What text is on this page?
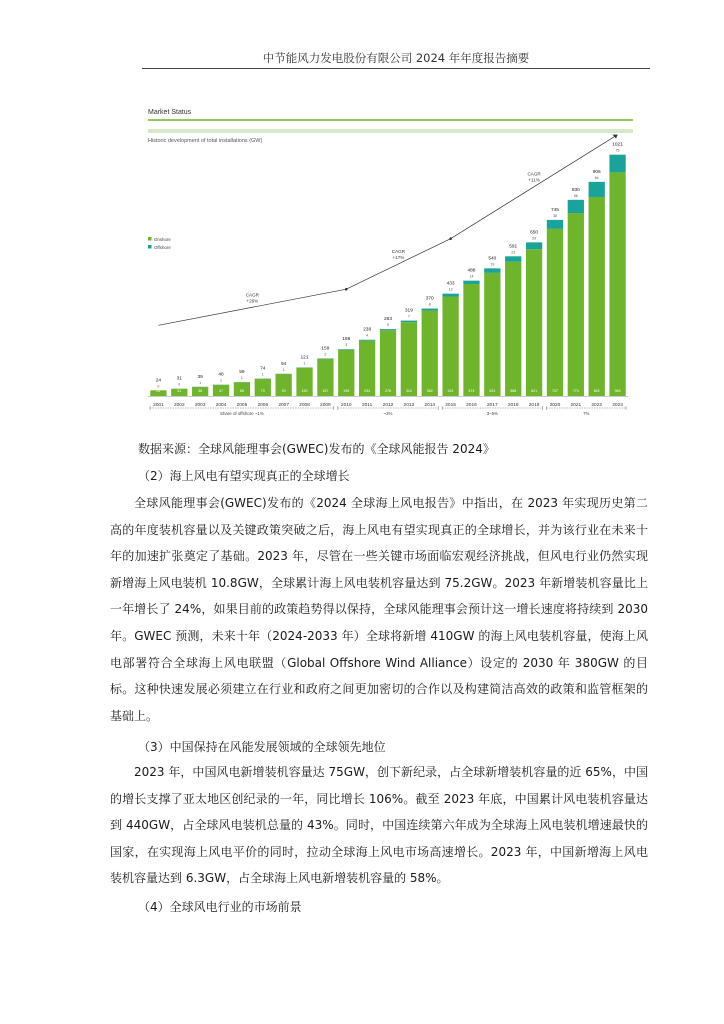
中节能风力发电股份有限公司 2024 年年度报告摘要
Market Status
Historic development of total installations (GW)
24
0
24
2001
31
0
31
2002
38
1
39
2003
47
1
48
2004
58
1
59
2005
73
1
74
2006
93
1
94
2007
120
1
121
2008
157
2
159
2009
195
3
198
2010
234
4
238
2011
278
5
283
2012
312
7
319
2013
362
8
370
2014
421
12
433
2015
474
14
488
2016
521
19
540
2017
568
23
591
2018
621
29
650
2019
707
38
745
2020
774
56
830
2021
842
64
906
2022
946
75
1021
2023
Onshore
Offshore
CAGR
+26%
CAGR
+17%
CAGR
+11%
Share of offshore ~1%	~2%	3–5%	7%
数据来源：全球风能理事会(GWEC)发布的《全球风能报告 2024》
（2）海上风电有望实现真正的全球增长

全球风能理事会(GWEC)发布的《2024 全球海上风电报告》中指出，在 2023 年实现历史第二高的年度装机容量以及关键政策突破之后，海上风电有望实现真正的全球增长，并为该行业在未来十年的加速扩张奠定了基础。2023 年，尽管在一些关键市场面临宏观经济挑战，但风电行业仍然实现新增海上风电装机 10.8GW，全球累计海上风电装机容量达到 75.2GW。2023 年新增装机容量比上一年增长了 24%，如果目前的政策趋势得以保持，全球风能理事会预计这一增长速度将持续到 2030 年。GWEC 预测，未来十年（2024-2033 年）全球将新增 410GW 的海上风电装机容量，使海上风电部署符合全球海上风电联盟（Global Offshore Wind Alliance）设定的 2030 年 380GW 的目标。这种快速发展必须建立在行业和政府之间更加密切的合作以及构建简洁高效的政策和监管框架的基础上。

（3）中国保持在风能发展领域的全球领先地位

2023 年，中国风电新增装机容量达 75GW，创下新纪录，占全球新增装机容量的近 65%，中国的增长支撑了亚太地区创纪录的一年，同比增长 106%。截至 2023 年底，中国累计风电装机容量达到 440GW，占全球风电装机总量的 43%。同时，中国连续第六年成为全球海上风电装机增速最快的国家，在实现海上风电平价的同时，拉动全球海上风电市场高速增长。2023 年，中国新增海上风电装机容量达到 6.3GW，占全球海上风电新增装机容量的 58%。

（4）全球风电行业的市场前景
